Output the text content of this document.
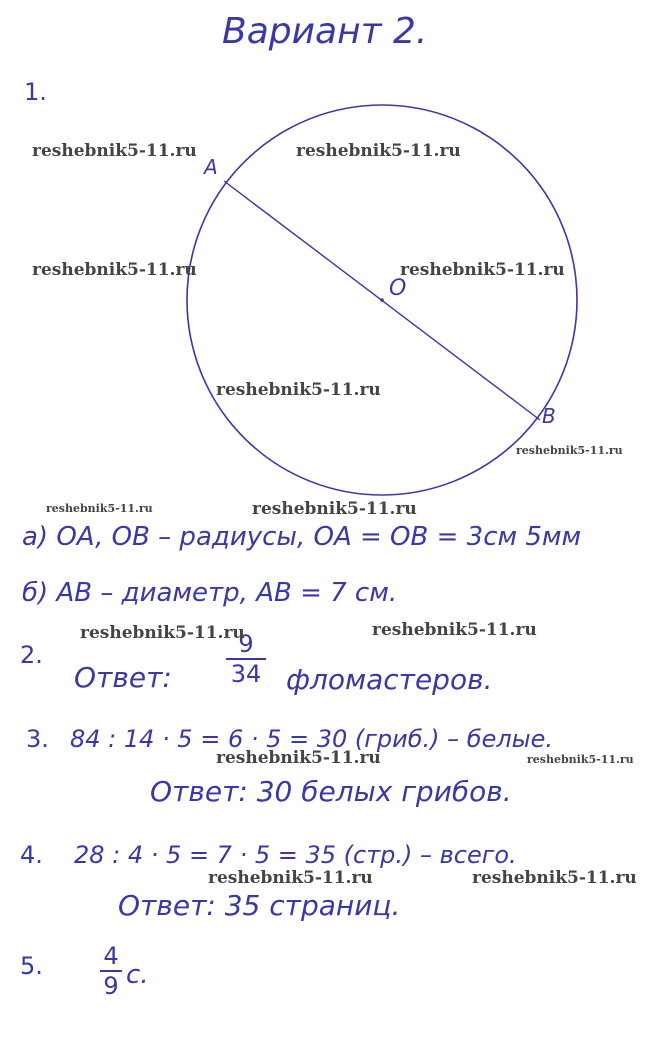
Вариант 2.
1.
A
O
B
а) OA, OB – радиусы, OA = OB = 3см 5мм
б) AB – диаметр, AB = 7 см.
2.
Ответ:
9
34 фломастеров.
3. 84 : 14 · 5 = 6 · 5 = 30 (гриб.) – белые.
Ответ: 30 белых грибов.
4. 28 : 4 · 5 = 7 · 5 = 35 (стр.) – всего.
Ответ: 35 страниц.
5.	4
9 с.
reshebnik5-11.ru	reshebnik5-11.ru
reshebnik5-11.ru	reshebnik5-11.ru
reshebnik5-11.ru
reshebnik5-11.ru
reshebnik5-11.ru	reshebnik5-11.ru
reshebnik5-11.ru	reshebnik5-11.ru
reshebnik5-11.ru	reshebnik5-11.ru
reshebnik5-11.ru	reshebnik5-11.ru
